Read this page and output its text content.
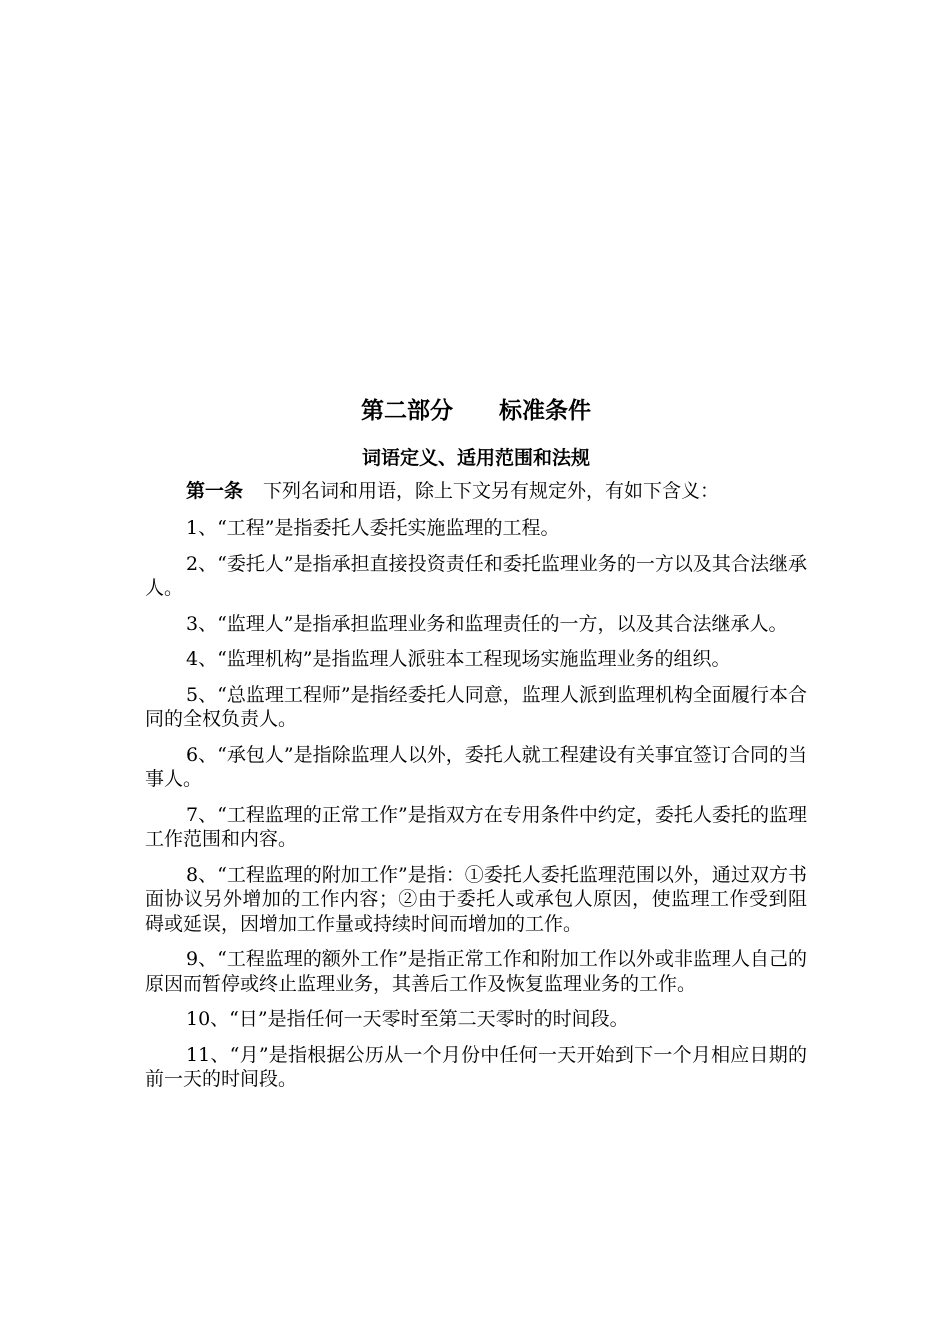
第二部分　　标准条件
词语定义、适用范围和法规

第一条 下列名词和用语，除上下文另有规定外，有如下含义：

1、“工程”是指委托人委托实施监理的工程。

2、“委托人”是指承担直接投资责任和委托监理业务的一方以及其合法继承人。

3、“监理人”是指承担监理业务和监理责任的一方，以及其合法继承人。

4、“监理机构”是指监理人派驻本工程现场实施监理业务的组织。

5、“总监理工程师”是指经委托人同意，监理人派到监理机构全面履行本合同的全权负责人。

6、“承包人”是指除监理人以外，委托人就工程建设有关事宜签订合同的当事人。

7、“工程监理的正常工作”是指双方在专用条件中约定，委托人委托的监理工作范围和内容。

8、“工程监理的附加工作”是指：①委托人委托监理范围以外，通过双方书面协议另外增加的工作内容；②由于委托人或承包人原因，使监理工作受到阻碍或延误，因增加工作量或持续时间而增加的工作。

9、“工程监理的额外工作”是指正常工作和附加工作以外或非监理人自己的原因而暂停或终止监理业务，其善后工作及恢复监理业务的工作。

10、“日”是指任何一天零时至第二天零时的时间段。

11、“月”是指根据公历从一个月份中任何一天开始到下一个月相应日期的前一天的时间段。
